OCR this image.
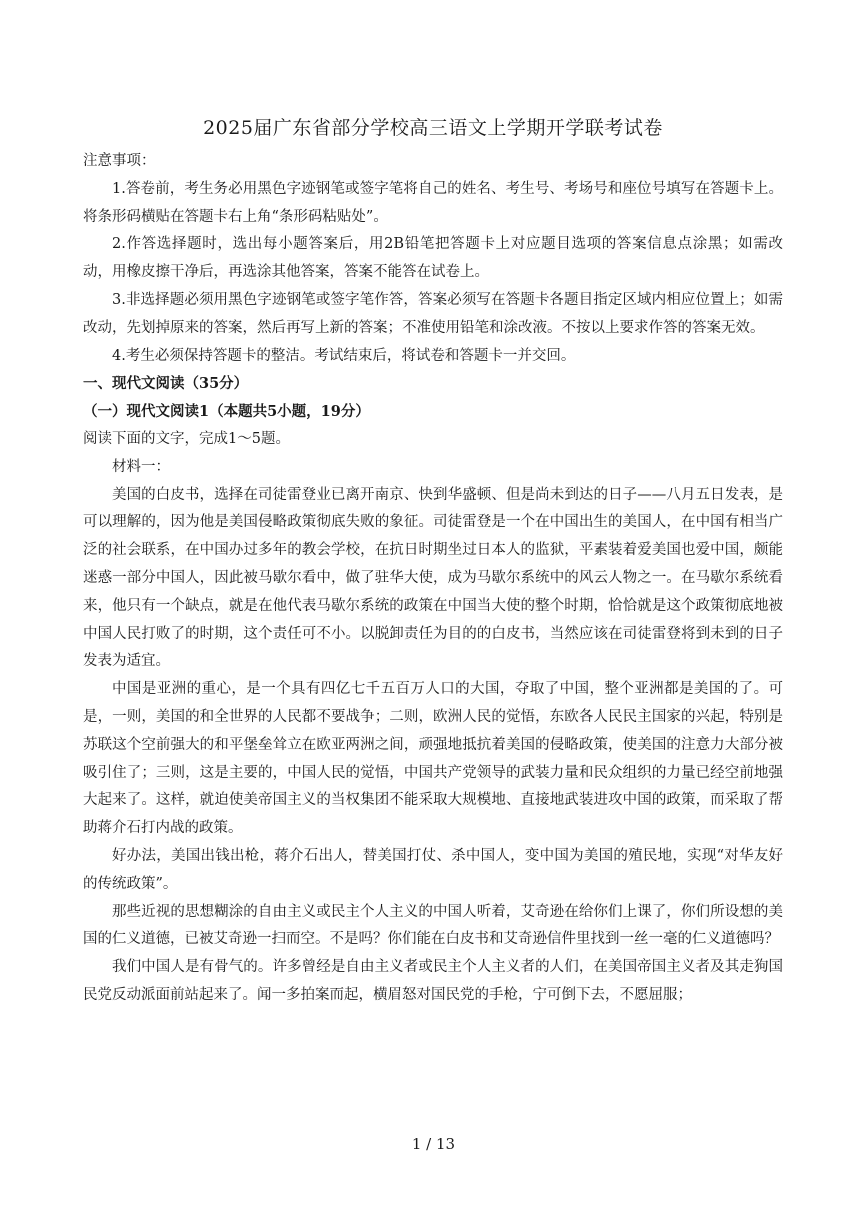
2025届广东省部分学校高三语文上学期开学联考试卷

注意事项：

1.答卷前，考生务必用黑色字迹钢笔或签字笔将自己的姓名、考生号、考场号和座位号填写在答题卡上。将条形码横贴在答题卡右上角“条形码粘贴处”。

2.作答选择题时，选出每小题答案后，用2B铅笔把答题卡上对应题目选项的答案信息点涂黑；如需改动，用橡皮擦干净后，再选涂其他答案，答案不能答在试卷上。

3.非选择题必须用黑色字迹钢笔或签字笔作答，答案必须写在答题卡各题目指定区域内相应位置上；如需改动，先划掉原来的答案，然后再写上新的答案；不准使用铅笔和涂改液。不按以上要求作答的答案无效。

4.考生必须保持答题卡的整洁。考试结束后，将试卷和答题卡一并交回。

一、现代文阅读（35分）

（一）现代文阅读1（本题共5小题，19分）

阅读下面的文字，完成1～5题。

材料一：

美国的白皮书，选择在司徒雷登业已离开南京、快到华盛顿、但是尚未到达的日子——八月五日发表，是可以理解的，因为他是美国侵略政策彻底失败的象征。司徒雷登是一个在中国出生的美国人，在中国有相当广泛的社会联系，在中国办过多年的教会学校，在抗日时期坐过日本人的监狱，平素装着爱美国也爱中国，颇能迷惑一部分中国人，因此被马歇尔看中，做了驻华大使，成为马歇尔系统中的风云人物之一。在马歇尔系统看来，他只有一个缺点，就是在他代表马歇尔系统的政策在中国当大使的整个时期，恰恰就是这个政策彻底地被中国人民打败了的时期，这个责任可不小。以脱卸责任为目的的白皮书，当然应该在司徒雷登将到未到的日子发表为适宜。

中国是亚洲的重心，是一个具有四亿七千五百万人口的大国，夺取了中国，整个亚洲都是美国的了。可是，一则，美国的和全世界的人民都不要战争；二则，欧洲人民的觉悟，东欧各人民民主国家的兴起，特别是苏联这个空前强大的和平堡垒耸立在欧亚两洲之间，顽强地抵抗着美国的侵略政策，使美国的注意力大部分被吸引住了；三则，这是主要的，中国人民的觉悟，中国共产党领导的武装力量和民众组织的力量已经空前地强大起来了。这样，就迫使美帝国主义的当权集团不能采取大规模地、直接地武装进攻中国的政策，而采取了帮助蒋介石打内战的政策。

好办法，美国出钱出枪，蒋介石出人，替美国打仗、杀中国人，变中国为美国的殖民地，实现“对华友好的传统政策”。

那些近视的思想糊涂的自由主义或民主个人主义的中国人听着，艾奇逊在给你们上课了，你们所设想的美国的仁义道德，已被艾奇逊一扫而空。不是吗？你们能在白皮书和艾奇逊信件里找到一丝一毫的仁义道德吗？

我们中国人是有骨气的。许多曾经是自由主义者或民主个人主义者的人们，在美国帝国主义者及其走狗国民党反动派面前站起来了。闻一多拍案而起，横眉怒对国民党的手枪，宁可倒下去，不愿屈服；

1 / 13
